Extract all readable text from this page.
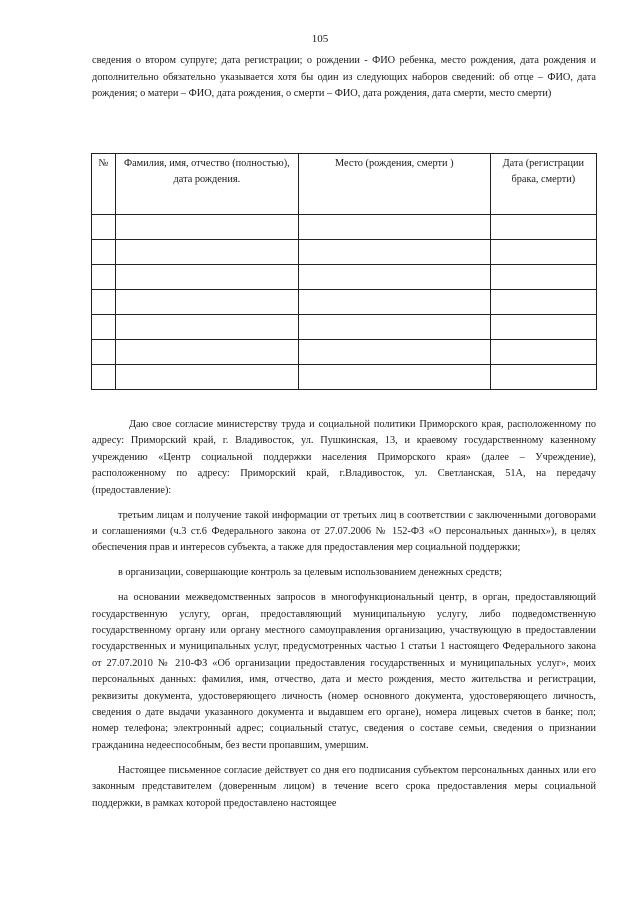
105

сведения о втором супруге; дата регистрации; о рождении - ФИО ребенка, место рождения, дата рождения и дополнительно обязательно указывается хотя бы один из следующих наборов сведений: об отце – ФИО, дата рождения; о матери – ФИО, дата рождения, о смерти – ФИО, дата рождения, дата смерти, место смерти)

№	Фамилия, имя, отчество (полностью), дата рождения.	Место (рождения, смерти )	Дата (регистрации брака, смерти)

Даю свое согласие министерству труда и социальной политики Приморского края, расположенному по адресу: Приморский край, г. Владивосток, ул. Пушкинская, 13, и краевому государственному казенному учреждению «Центр социальной поддержки населения Приморского края» (далее – Учреждение), расположенному по адресу: Приморский край, г.Владивосток, ул. Светланская, 51А, на передачу (предоставление):

третьим лицам и получение такой информации от третьих лиц в соответствии с заключенными договорами и соглашениями (ч.3 ст.6 Федерального закона от 27.07.2006 № 152-ФЗ «О персональных данных»), в целях обеспечения прав и интересов субъекта, а также для предоставления мер социальной поддержки;

в организации, совершающие контроль за целевым использованием денежных средств;

на основании межведомственных запросов в многофункциональный центр, в орган, предоставляющий государственную услугу, орган, предоставляющий муниципальную услугу, либо подведомственную государственному органу или органу местного самоуправления организацию, участвующую в предоставлении государственных и муниципальных услуг, предусмотренных частью 1 статьи 1 настоящего Федерального закона от 27.07.2010 № 210-ФЗ «Об организации предоставления государственных и муниципальных услуг», моих персональных данных: фамилия, имя, отчество, дата и место рождения, место жительства и регистрации, реквизиты документа, удостоверяющего личность (номер основного документа, удостоверяющего личность, сведения о дате выдачи указанного документа и выдавшем его органе), номера лицевых счетов в банке; пол; номер телефона; электронный адрес; социальный статус, сведения о составе семьи, сведения о признании гражданина недееспособным, без вести пропавшим, умершим.

Настоящее письменное согласие действует со дня его подписания субъектом персональных данных или его законным представителем (доверенным лицом) в течение всего срока предоставления меры социальной поддержки, в рамках которой предоставлено настоящее
